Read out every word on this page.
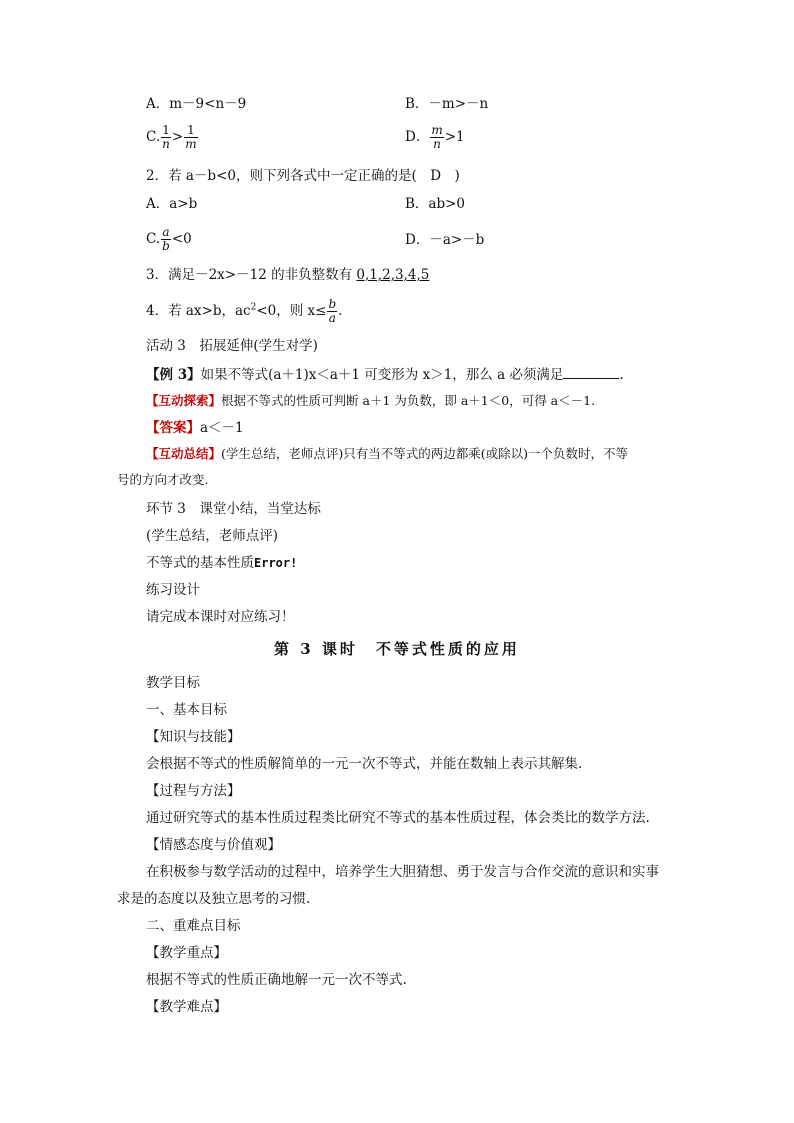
A．m－9<n－9	B．－m>－n
C. $\frac{1}{n} > \frac{1}{m}$	D． $\frac{m}{n} >1$
2．若 a－b<0，则下列各式中一定正确的是(　D　)
A．a>b	B．ab>0
C. $\frac{a}{b} <0$	D．－a>－b
3．满足－2x>－12 的非负整数有 0,1,2,3,4,5
4．若 ax>b，$ac^2<0$，则 $x\le \frac{b}{a}$ .
活动 3　拓展延伸(学生对学)
【例 3】如果不等式(a＋1)x＜a＋1 可变形为 x＞1，那么 a 必须满足	.
【互动探索】根据不等式的性质可判断 a＋1 为负数，即 a＋1＜0，可得 a＜－1.
【答案】a＜－1
【互动总结】(学生总结，老师点评)只有当不等式的两边都乘(或除以)一个负数时，不等
号的方向才改变.
环节 3　课堂小结，当堂达标
(学生总结，老师点评)
不等式的基本性质Error!
练习设计
请完成本课时对应练习！
第 3 课时　不等式性质的应用
教学目标
一、基本目标
【知识与技能】
会根据不等式的性质解简单的一元一次不等式，并能在数轴上表示其解集.
【过程与方法】
通过研究等式的基本性质过程类比研究不等式的基本性质过程，体会类比的数学方法.
【情感态度与价值观】
在积极参与数学活动的过程中，培养学生大胆猜想、勇于发言与合作交流的意识和实事
求是的态度以及独立思考的习惯.
二、重难点目标
【教学重点】
根据不等式的性质正确地解一元一次不等式.
【教学难点】
